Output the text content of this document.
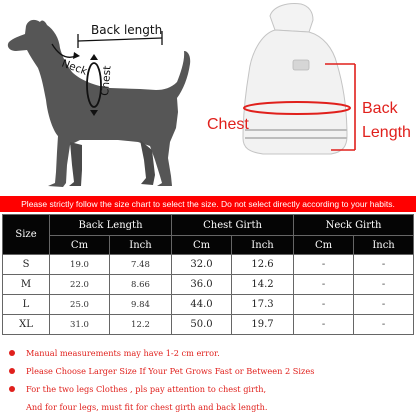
Back length
Neck Chest
Chest
Back
Length
Please strictly follow the size chart to select the size. Do not select directly according to your habits.
Size	Back Length		Chest Girth		Neck Girth	
	Cm	Inch	Cm	Inch	Cm	Inch
S	19.0	7.48	32.0	12.6	-	-
M	22.0	8.66	36.0	14.2	-	-
L	25.0	9.84	44.0	17.3	-	-
XL	31.0	12.2	50.0	19.7	-	-
Manual measurements may have 1-2 cm error.
Please Choose Larger Size If Your Pet Grows Fast or Between 2 Sizes
For the two legs Clothes , pls pay attention to chest girth,
And for four legs, must fit for chest girth and back length.
